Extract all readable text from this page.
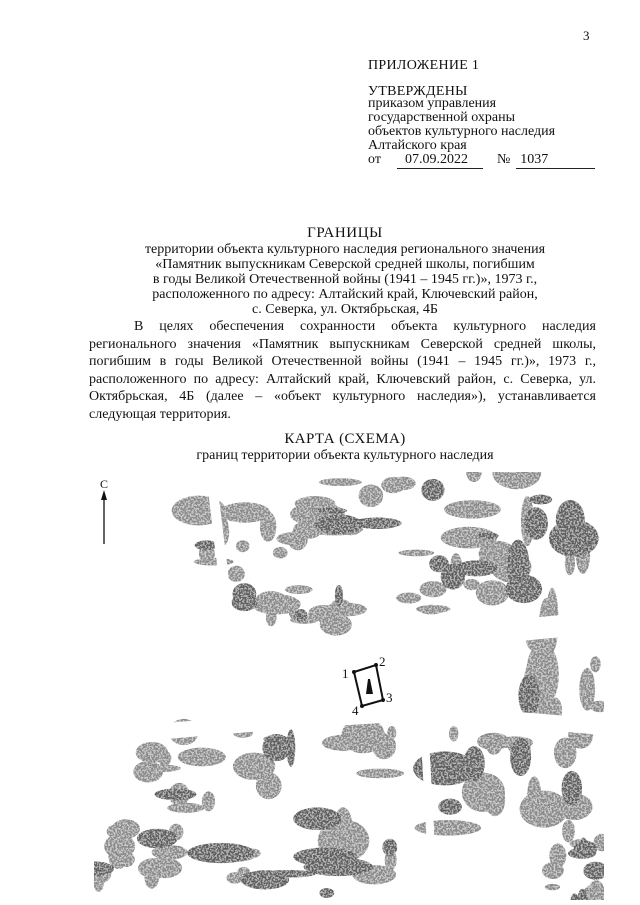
3
ПРИЛОЖЕНИЕ 1
УТВЕРЖДЕНЫ
приказом управления
государственной охраны
объектов культурного наследия
Алтайского края
от 07.09.2022 № 1037
ГРАНИЦЫ
территории объекта культурного наследия регионального значения
«Памятник выпускникам Северской средней школы, погибшим
в годы Великой Отечественной войны (1941 – 1945 гг.)», 1973 г.,
расположенного по адресу: Алтайский край, Ключевский район,
с. Северка, ул. Октябрьская, 4Б
В целях обеспечения сохранности объекта культурного наследия регионального значения «Памятник выпускникам Северской средней школы, погибшим в годы Великой Отечественной войны (1941 – 1945 гг.)», 1973 г., расположенного по адресу: Алтайский край, Ключевский район, с. Северка, ул. Октябрьская, 4Б (далее – «объект культурного наследия»), устанавливается следующая территория.
КАРТА (СХЕМА)
границ территории объекта культурного наследия
С
1
2
3
4
